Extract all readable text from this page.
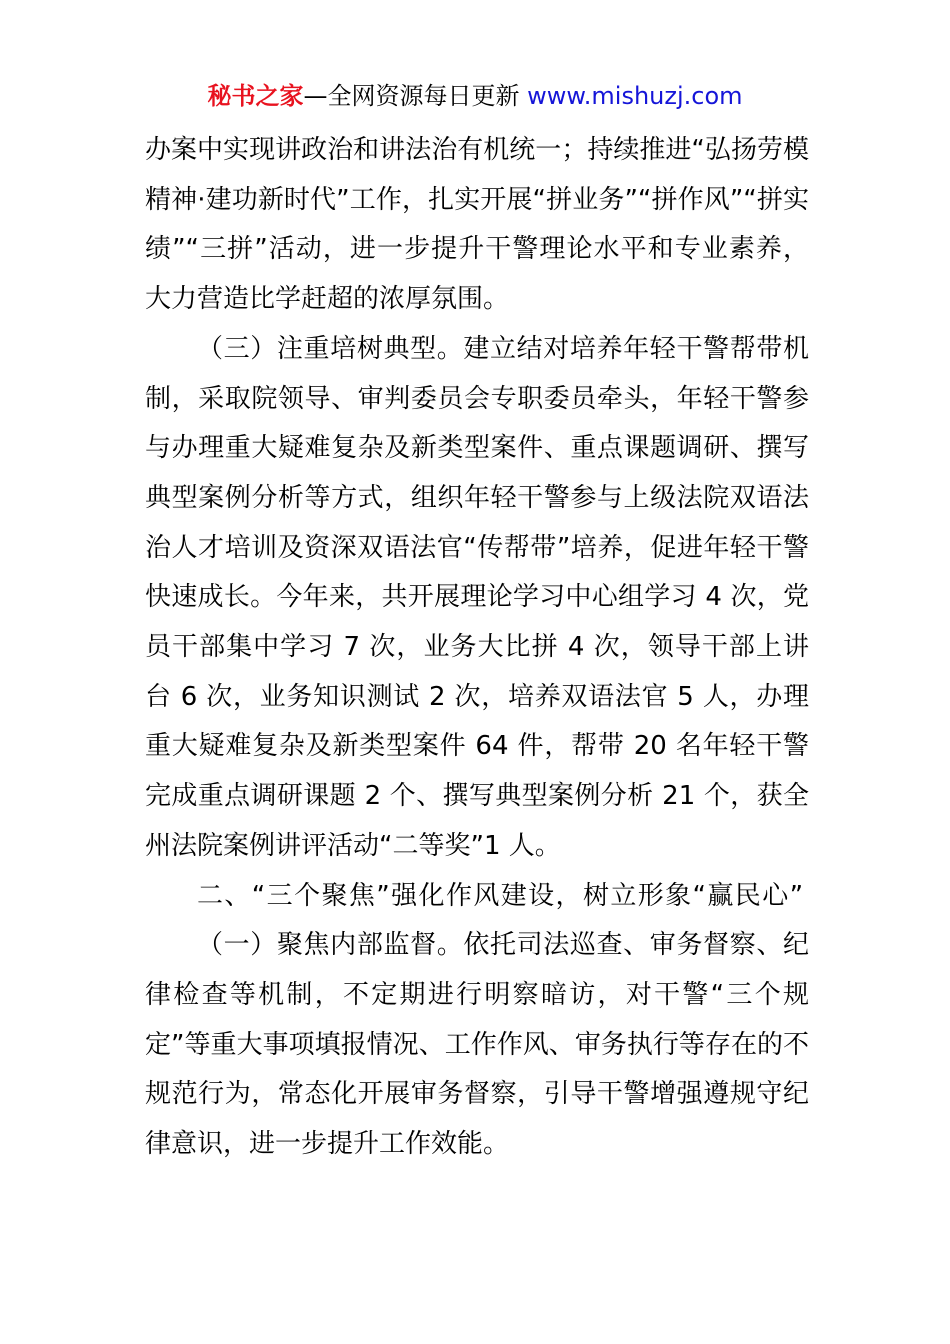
秘书之家—全网资源每日更新 www.mishuzj.com

办案中实现讲政治和讲法治有机统一；持续推进“弘扬劳模精神·建功新时代”工作，扎实开展“拼业务”“拼作风”“拼实绩”“三拼”活动，进一步提升干警理论水平和专业素养，大力营造比学赶超的浓厚氛围。

（三）注重培树典型。建立结对培养年轻干警帮带机制，采取院领导、审判委员会专职委员牵头，年轻干警参与办理重大疑难复杂及新类型案件、重点课题调研、撰写典型案例分析等方式，组织年轻干警参与上级法院双语法治人才培训及资深双语法官“传帮带”培养，促进年轻干警快速成长。今年来，共开展理论学习中心组学习 4 次，党员干部集中学习 7 次，业务大比拼 4 次，领导干部上讲台 6 次，业务知识测试 2 次，培养双语法官 5 人，办理重大疑难复杂及新类型案件 64 件，帮带 20 名年轻干警完成重点调研课题 2 个、撰写典型案例分析 21 个，获全州法院案例讲评活动“二等奖”1 人。

二、“三个聚焦”强化作风建设，树立形象“赢民心”

（一）聚焦内部监督。依托司法巡查、审务督察、纪律检查等机制，不定期进行明察暗访，对干警“三个规定”等重大事项填报情况、工作作风、审务执行等存在的不规范行为，常态化开展审务督察，引导干警增强遵规守纪律意识，进一步提升工作效能。
